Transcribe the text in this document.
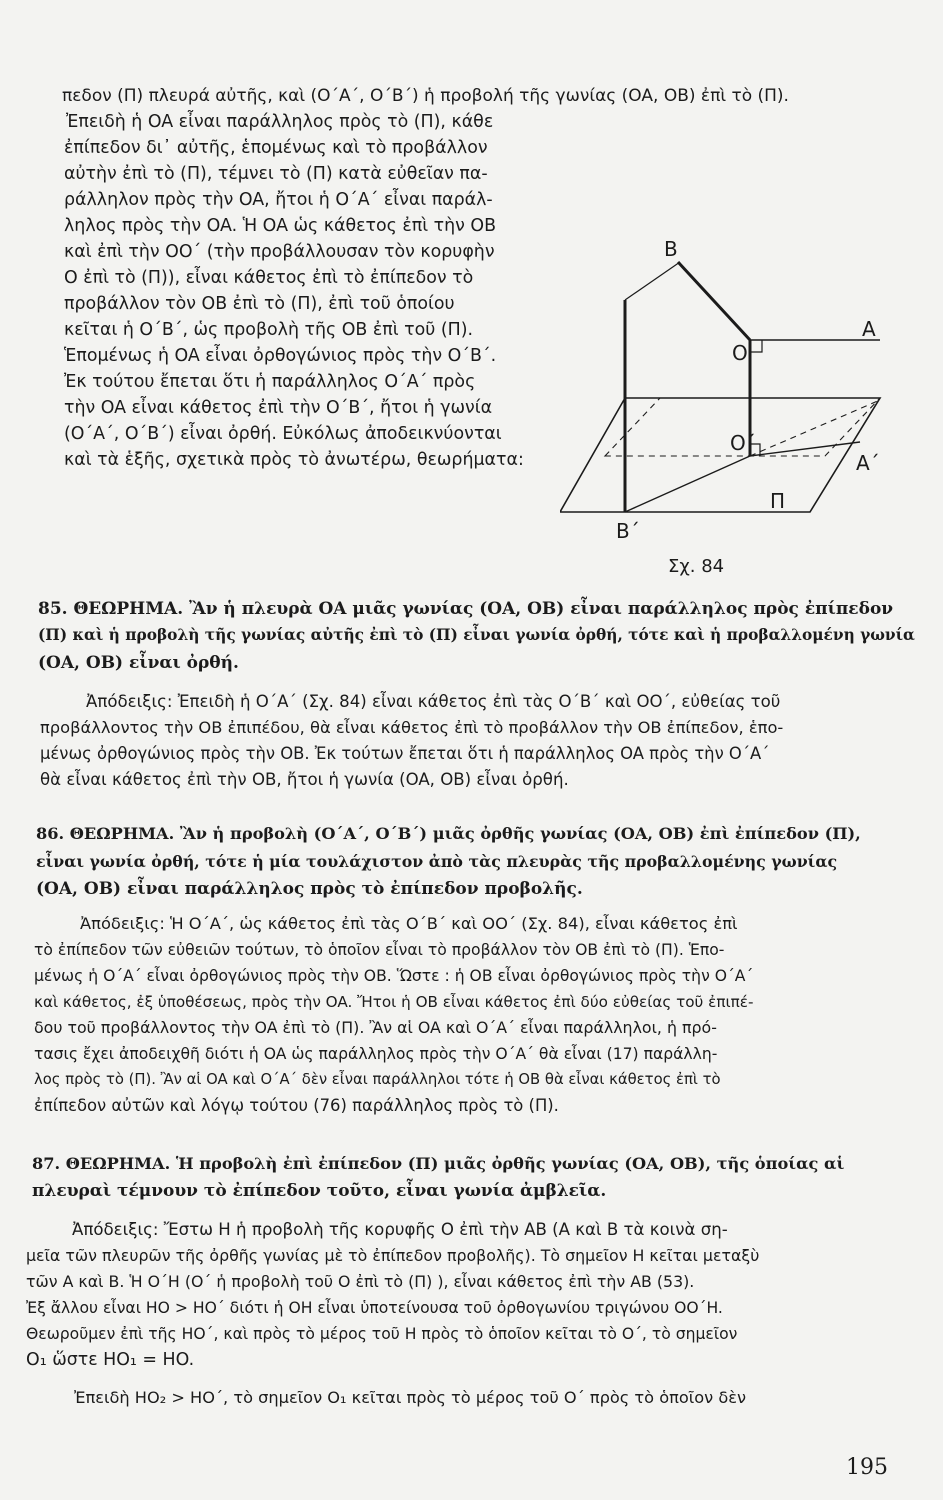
πεδον (Π) πλευρά αὐτῆς, καὶ (O΄A΄, O΄B΄) ἡ προβολή τῆς γωνίας (OA, OB) ἐπὶ τὸ (Π).
Ἐπειδὴ ἡ OA εἶναι παράλληλος πρὸς τὸ (Π), κάθε
ἐπίπεδον δι᾽ αὐτῆς, ἑπομένως καὶ τὸ προβάλλον
αὐτὴν ἐπὶ τὸ (Π), τέμνει τὸ (Π) κατὰ εὐθεῖαν πα-
ράλληλον πρὸς τὴν OA, ἤτοι ἡ O΄A΄ εἶναι παράλ-
ληλος πρὸς τὴν OA. Ἡ OA ὡς κάθετος ἐπὶ τὴν OB
καὶ ἐπὶ τὴν OO΄ (τὴν προβάλλουσαν τὸν κορυφὴν
O ἐπὶ τὸ (Π)), εἶναι κάθετος ἐπὶ τὸ ἐπίπεδον τὸ
προβάλλον τὸν OB ἐπὶ τὸ (Π), ἐπὶ τοῦ ὁποίου
κεῖται ἡ O΄B΄, ὡς προβολὴ τῆς OB ἐπὶ τοῦ (Π).
Ἑπομένως ἡ OA εἶναι ὀρθογώνιος πρὸς τὴν O΄B΄.
Ἐκ τούτου ἔπεται ὅτι ἡ παράλληλος O΄A΄ πρὸς
τὴν OA εἶναι κάθετος ἐπὶ τὴν O΄B΄, ἤτοι ἡ γωνία
(O΄A΄, O΄B΄) εἶναι ὀρθή. Εὐκόλως ἀποδεικνύονται
καὶ τὰ ἑξῆς, σχετικὰ πρὸς τὸ ἀνωτέρω, θεωρήματα:
B
A
O
O΄
A΄
B΄
Π
Σχ. 84
85. ΘΕΩΡΗΜΑ. Ἂν ἡ πλευρὰ OA μιᾶς γωνίας (OA, OB) εἶναι παράλληλος πρὸς ἐπίπεδον
(Π) καὶ ἡ προβολὴ τῆς γωνίας αὐτῆς ἐπὶ τὸ (Π) εἶναι γωνία ὀρθή, τότε καὶ ἡ προβαλλομένη γωνία
(OA, OB) εἶναι ὀρθή.
Ἀπόδειξις: Ἐπειδὴ ἡ O΄A΄ (Σχ. 84) εἶναι κάθετος ἐπὶ τὰς O΄B΄ καὶ OO΄, εὐθείας τοῦ
προβάλλοντος τὴν OB ἐπιπέδου, θὰ εἶναι κάθετος ἐπὶ τὸ προβάλλον τὴν OB ἐπίπεδον, ἑπο-
μένως ὀρθογώνιος πρὸς τὴν OB. Ἐκ τούτων ἔπεται ὅτι ἡ παράλληλος OA πρὸς τὴν O΄A΄
θὰ εἶναι κάθετος ἐπὶ τὴν OB, ἤτοι ἡ γωνία (OA, OB) εἶναι ὀρθή.
86. ΘΕΩΡΗΜΑ. Ἂν ἡ προβολὴ (O΄A΄, O΄B΄) μιᾶς ὀρθῆς γωνίας (OA, OB) ἐπὶ ἐπίπεδον (Π),
εἶναι γωνία ὀρθή, τότε ἡ μία τουλάχιστον ἀπὸ τὰς πλευρὰς τῆς προβαλλομένης γωνίας
(OA, OB) εἶναι παράλληλος πρὸς τὸ ἐπίπεδον προβολῆς.
Ἀπόδειξις: Ἡ O΄A΄, ὡς κάθετος ἐπὶ τὰς O΄B΄ καὶ OO΄ (Σχ. 84), εἶναι κάθετος ἐπὶ
τὸ ἐπίπεδον τῶν εὐθειῶν τούτων, τὸ ὁποῖον εἶναι τὸ προβάλλον τὸν OB ἐπὶ τὸ (Π). Ἑπο-
μένως ἡ O΄A΄ εἶναι ὀρθογώνιος πρὸς τὴν OB. Ὥστε : ἡ OB εἶναι ὀρθογώνιος πρὸς τὴν O΄A΄
καὶ κάθετος, ἐξ ὑποθέσεως, πρὸς τὴν OA. Ἤτοι ἡ OB εἶναι κάθετος ἐπὶ δύο εὐθείας τοῦ ἐπιπέ-
δου τοῦ προβάλλοντος τὴν OA ἐπὶ τὸ (Π). Ἂν αἱ OA καὶ O΄A΄ εἶναι παράλληλοι, ἡ πρό-
τασις ἔχει ἀποδειχθῆ διότι ἡ OA ὡς παράλληλος πρὸς τὴν O΄A΄ θὰ εἶναι (17) παράλλη-
λος πρὸς τὸ (Π). Ἂν αἱ OA καὶ O΄A΄ δὲν εἶναι παράλληλοι τότε ἡ OB θὰ εἶναι κάθετος ἐπὶ τὸ
ἐπίπεδον αὐτῶν καὶ λόγῳ τούτου (76) παράλληλος πρὸς τὸ (Π).
87. ΘΕΩΡΗΜΑ. Ἡ προβολὴ ἐπὶ ἐπίπεδον (Π) μιᾶς ὀρθῆς γωνίας (OA, OB), τῆς ὁποίας αἱ
πλευραὶ τέμνουν τὸ ἐπίπεδον τοῦτο, εἶναι γωνία ἀμβλεῖα.
Ἀπόδειξις: Ἔστω H ἡ προβολὴ τῆς κορυφῆς O ἐπὶ τὴν AB (A καὶ B τὰ κοινὰ ση-
μεῖα τῶν πλευρῶν τῆς ὀρθῆς γωνίας μὲ τὸ ἐπίπεδον προβολῆς). Τὸ σημεῖον H κεῖται μεταξὺ
τῶν A καὶ B. Ἡ O΄H (O΄ ἡ προβολὴ τοῦ O ἐπὶ τὸ (Π) ), εἶναι κάθετος ἐπὶ τὴν AB (53).
Ἐξ ἄλλου εἶναι HO > HO΄ διότι ἡ OH εἶναι ὑποτείνουσα τοῦ ὀρθογωνίου τριγώνου OO΄H.
Θεωροῦμεν ἐπὶ τῆς HO΄, καὶ πρὸς τὸ μέρος τοῦ H πρὸς τὸ ὁποῖον κεῖται τὸ O΄, τὸ σημεῖον
O₁ ὥστε HO₁ = HO.
Ἐπειδὴ HO₂ > HO΄, τὸ σημεῖον O₁ κεῖται πρὸς τὸ μέρος τοῦ O΄ πρὸς τὸ ὁποῖον δὲν
195
